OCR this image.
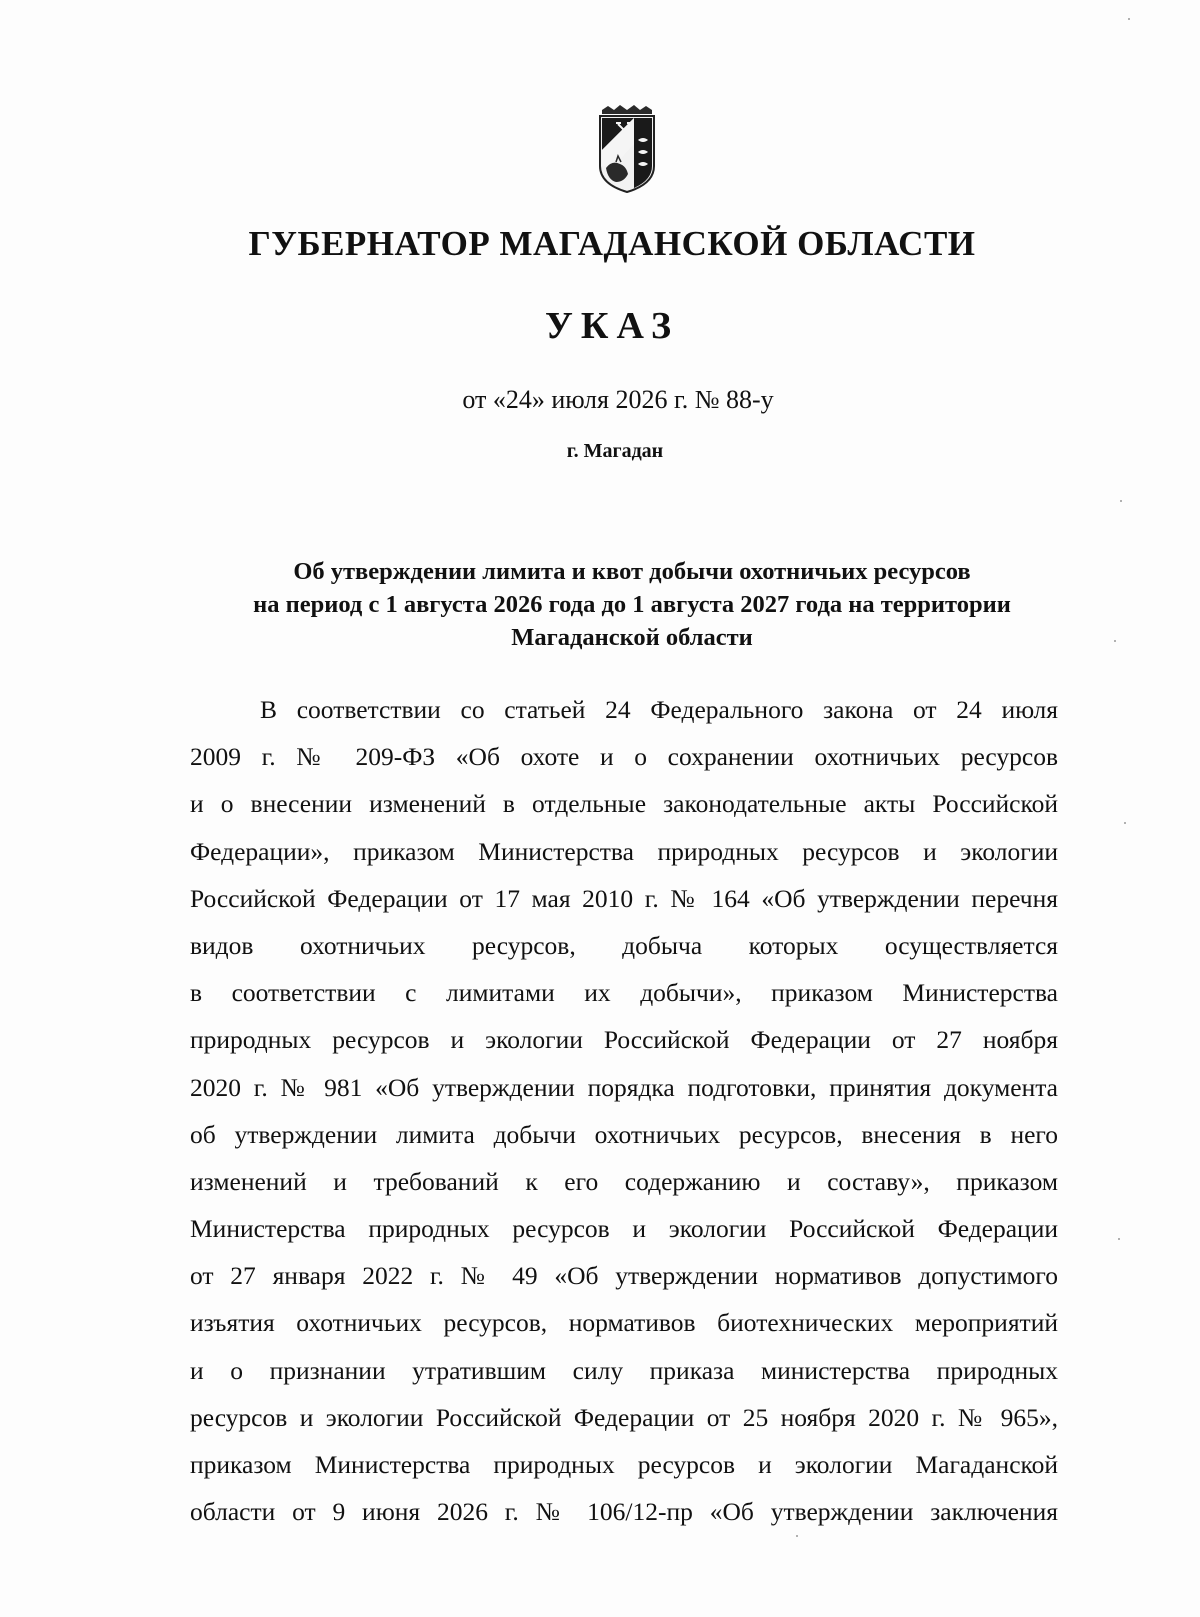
ГУБЕРНАТОР МАГАДАНСКОЙ ОБЛАСТИ
УКАЗ
от «24» июля 2026 г. № 88-у
г. Магадан
Об утверждении лимита и квот добычи охотничьих ресурсов
на период с 1 августа 2026 года до 1 августа 2027 года на территории
Магаданской области
В соответствии со статьей 24 Федерального закона от 24 июля
2009 г. № 209-ФЗ «Об охоте и о сохранении охотничьих ресурсов
и о внесении изменений в отдельные законодательные акты Российской
Федерации», приказом Министерства природных ресурсов и экологии
Российской Федерации от 17 мая 2010 г. № 164 «Об утверждении перечня
видов охотничьих ресурсов, добыча которых осуществляется
в соответствии с лимитами их добычи», приказом Министерства
природных ресурсов и экологии Российской Федерации от 27 ноября
2020 г. № 981 «Об утверждении порядка подготовки, принятия документа
об утверждении лимита добычи охотничьих ресурсов, внесения в него
изменений и требований к его содержанию и составу», приказом
Министерства природных ресурсов и экологии Российской Федерации
от 27 января 2022 г. № 49 «Об утверждении нормативов допустимого
изъятия охотничьих ресурсов, нормативов биотехнических мероприятий
и о признании утратившим силу приказа министерства природных
ресурсов и экологии Российской Федерации от 25 ноября 2020 г. № 965»,
приказом Министерства природных ресурсов и экологии Магаданской
области от 9 июня 2026 г. № 106/12-пр «Об утверждении заключения
